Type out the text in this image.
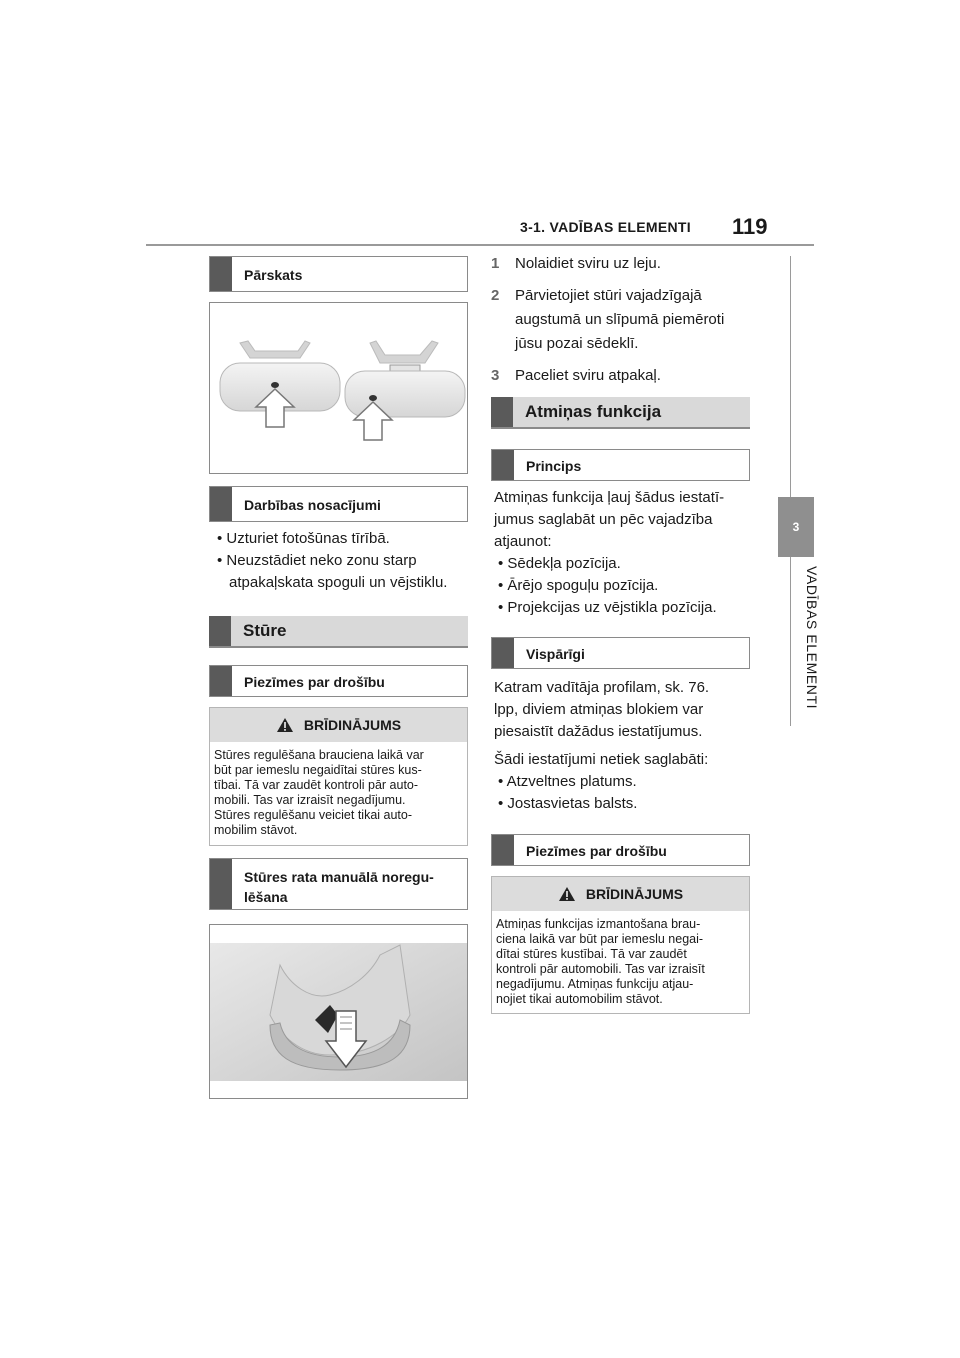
3-1. VADĪBAS ELEMENTI 119
3
VADĪBAS ELEMENTI
Pārskats
Darbības nosacījumi
• Uzturiet fotošūnas tīrībā.
• Neuzstādiet neko zonu starp
atpakaļskata spoguli un vējstiklu.
Stūre
Piezīmes par drošību
BRĪDINĀJUMS
Stūres regulēšana brauciena laikā var
būt par iemeslu negaidītai stūres kus-
tībai. Tā var zaudēt kontroli pār auto-
mobili. Tas var izraisīt negadījumu.
Stūres regulēšanu veiciet tikai auto-
mobilim stāvot.
Stūres rata manuālā noregu-
lēšana
1	Nolaidiet sviru uz leju.
2	Pārvietojiet stūri vajadzīgajā
augstumā un slīpumā piemēroti
jūsu pozai sēdeklī.
3	Paceliet sviru atpakaļ.
Atmiņas funkcija
Princips
Atmiņas funkcija ļauj šādus iestatī-
jumus saglabāt un pēc vajadzība
atjaunot:
• Sēdekļa pozīcija.
• Ārējo spoguļu pozīcija.
• Projekcijas uz vējstikla pozīcija.
Vispārīgi
Katram vadītāja profilam, sk. 76.
lpp, diviem atmiņas blokiem var
piesaistīt dažādus iestatījumus.
Šādi iestatījumi netiek saglabāti:
• Atzveltnes platums.
• Jostasvietas balsts.
Piezīmes par drošību
BRĪDINĀJUMS
Atmiņas funkcijas izmantošana brau-
ciena laikā var būt par iemeslu negai-
dītai stūres kustībai. Tā var zaudēt
kontroli pār automobili. Tas var izraisīt
negadījumu. Atmiņas funkciju atjau-
nojiet tikai automobilim stāvot.
